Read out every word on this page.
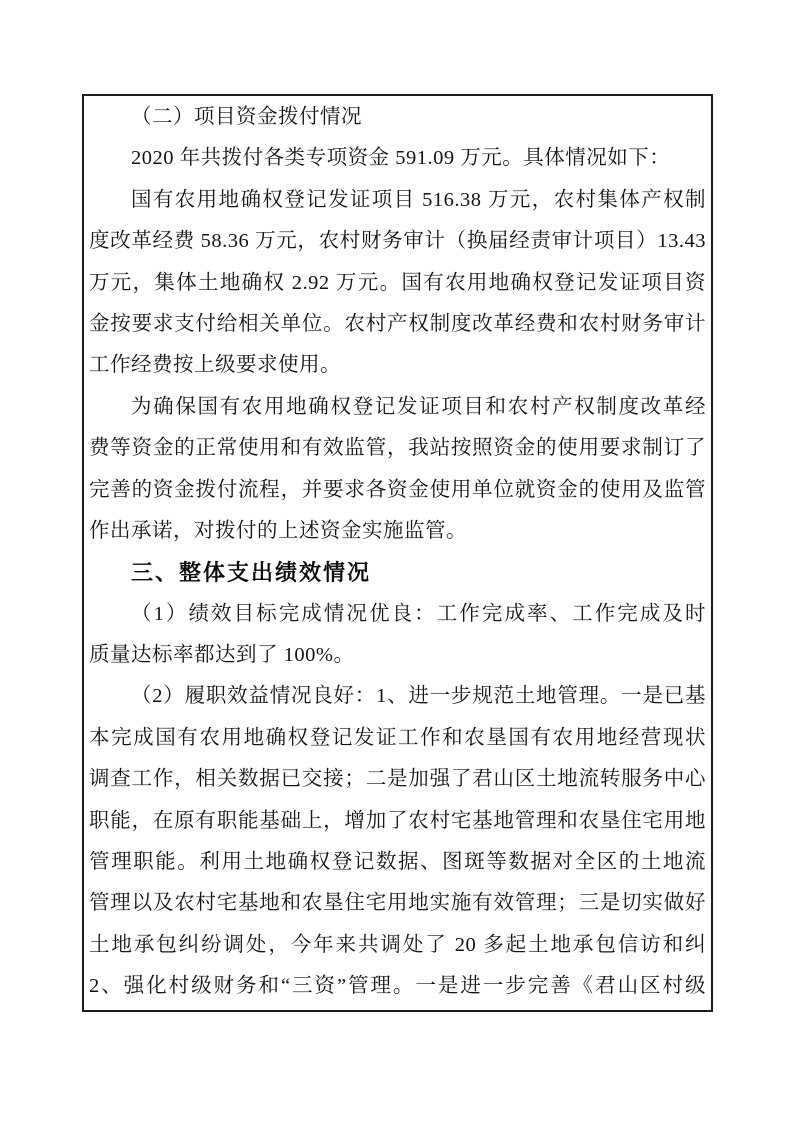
（二）项目资金拨付情况
2020 年共拨付各类专项资金 591.09 万元。具体情况如下：
国有农用地确权登记发证项目 516.38 万元，农村集体产权制
度改革经费 58.36 万元，农村财务审计（换届经责审计项目）13.43
万元，集体土地确权 2.92 万元。国有农用地确权登记发证项目资
金按要求支付给相关单位。农村产权制度改革经费和农村财务审计
工作经费按上级要求使用。
为确保国有农用地确权登记发证项目和农村产权制度改革经
费等资金的正常使用和有效监管，我站按照资金的使用要求制订了
完善的资金拨付流程，并要求各资金使用单位就资金的使用及监管
作出承诺，对拨付的上述资金实施监管。
三、整体支出绩效情况
（1）绩效目标完成情况优良：工作完成率、工作完成及时
质量达标率都达到了 100%。
（2）履职效益情况良好：1、进一步规范土地管理。一是已基
本完成国有农用地确权登记发证工作和农垦国有农用地经营现状
调查工作，相关数据已交接；二是加强了君山区土地流转服务中心
职能，在原有职能基础上，增加了农村宅基地管理和农垦住宅用地
管理职能。利用土地确权登记数据、图斑等数据对全区的土地流
管理以及农村宅基地和农垦住宅用地实施有效管理；三是切实做好
土地承包纠纷调处，今年来共调处了 20 多起土地承包信访和纠
2、强化村级财务和“三资”管理。一是进一步完善《君山区村级
